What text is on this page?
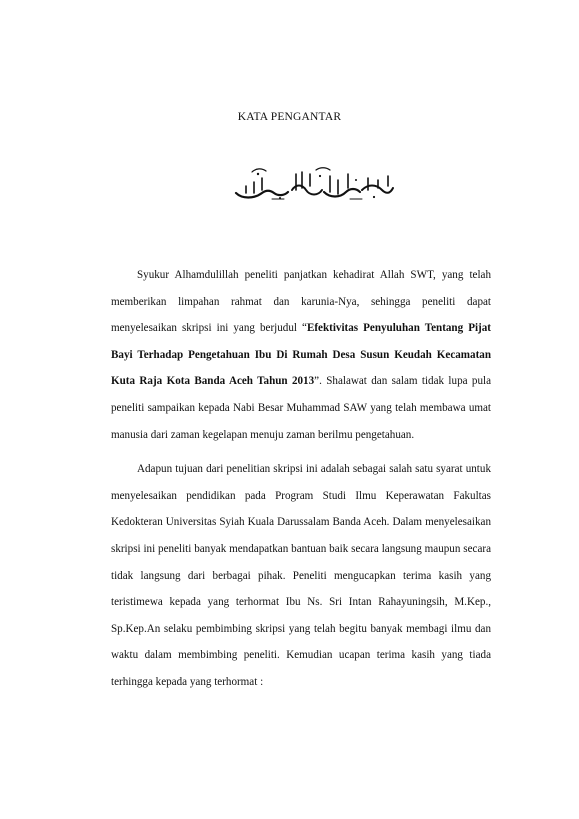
KATA PENGANTAR

Syukur Alhamdulillah peneliti panjatkan kehadirat Allah SWT, yang telah memberikan limpahan rahmat dan karunia-Nya, sehingga peneliti dapat menyelesaikan skripsi ini yang berjudul “Efektivitas Penyuluhan Tentang Pijat Bayi Terhadap Pengetahuan Ibu Di Rumah Desa Susun Keudah Kecamatan Kuta Raja Kota Banda Aceh Tahun 2013”. Shalawat dan salam tidak lupa pula peneliti sampaikan kepada Nabi Besar Muhammad SAW yang telah membawa umat manusia dari zaman kegelapan menuju zaman berilmu pengetahuan.

Adapun tujuan dari penelitian skripsi ini adalah sebagai salah satu syarat untuk menyelesaikan pendidikan pada Program Studi Ilmu Keperawatan Fakultas Kedokteran Universitas Syiah Kuala Darussalam Banda Aceh. Dalam menyelesaikan skripsi ini peneliti banyak mendapatkan bantuan baik secara langsung maupun secara tidak langsung dari berbagai pihak. Peneliti mengucapkan terima kasih yang teristimewa kepada yang terhormat Ibu Ns. Sri Intan Rahayuningsih, M.Kep., Sp.Kep.An selaku pembimbing skripsi yang telah begitu banyak membagi ilmu dan waktu dalam membimbing peneliti. Kemudian ucapan terima kasih yang tiada terhingga kepada yang terhormat :
